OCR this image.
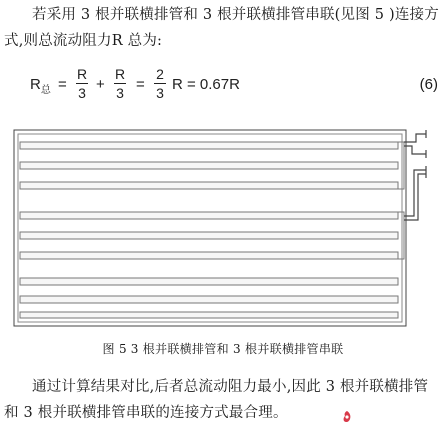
若采用 3 根并联横排管和 3 根并联横排管串联(见图 5 )连接方式,则总流动阻力R 总为:
$R_总$ =
R
3 +
R
3 =
2
3 R = 0.67R	(6)
图 5 3 根并联横排管和 3 根并联横排管串联
通过计算结果对比,后者总流动阻力最小,因此 3 根并联横排管和 3 根并联横排管串联的连接方式最合理。
